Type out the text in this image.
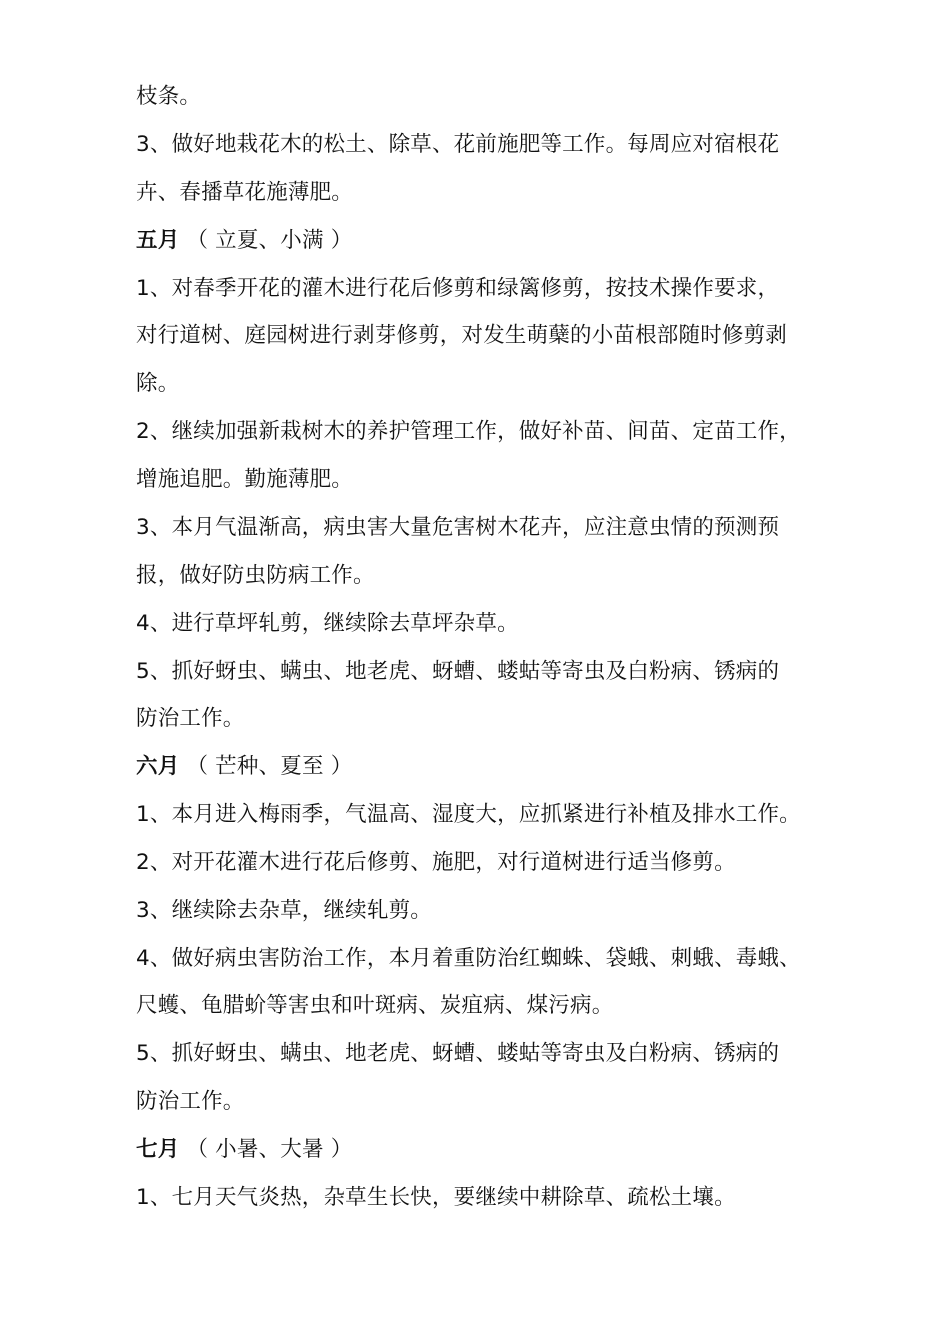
枝条。
3、做好地栽花木的松土、除草、花前施肥等工作。每周应对宿根花
卉、春播草花施薄肥。
五月 （ 立夏、小满 ）
1、对春季开花的灌木进行花后修剪和绿篱修剪，按技术操作要求，
对行道树、庭园树进行剥芽修剪，对发生萌蘖的小苗根部随时修剪剥
除。
2、继续加强新栽树木的养护管理工作，做好补苗、间苗、定苗工作，
增施追肥。勤施薄肥。
3、本月气温渐高，病虫害大量危害树木花卉，应注意虫情的预测预
报，做好防虫防病工作。
4、进行草坪轧剪，继续除去草坪杂草。
5、抓好蚜虫、螨虫、地老虎、蚜螬、蝼蛄等寄虫及白粉病、锈病的
防治工作。
六月 （ 芒种、夏至 ）
1、本月进入梅雨季，气温高、湿度大，应抓紧进行补植及排水工作。
2、对开花灌木进行花后修剪、施肥，对行道树进行适当修剪。
3、继续除去杂草，继续轧剪。
4、做好病虫害防治工作，本月着重防治红蜘蛛、袋蛾、刺蛾、毒蛾、
尺蠖、龟腊蚧等害虫和叶斑病、炭疽病、煤污病。
5、抓好蚜虫、螨虫、地老虎、蚜螬、蝼蛄等寄虫及白粉病、锈病的
防治工作。
七月 （ 小暑、大暑 ）
1、七月天气炎热，杂草生长快，要继续中耕除草、疏松土壤。
